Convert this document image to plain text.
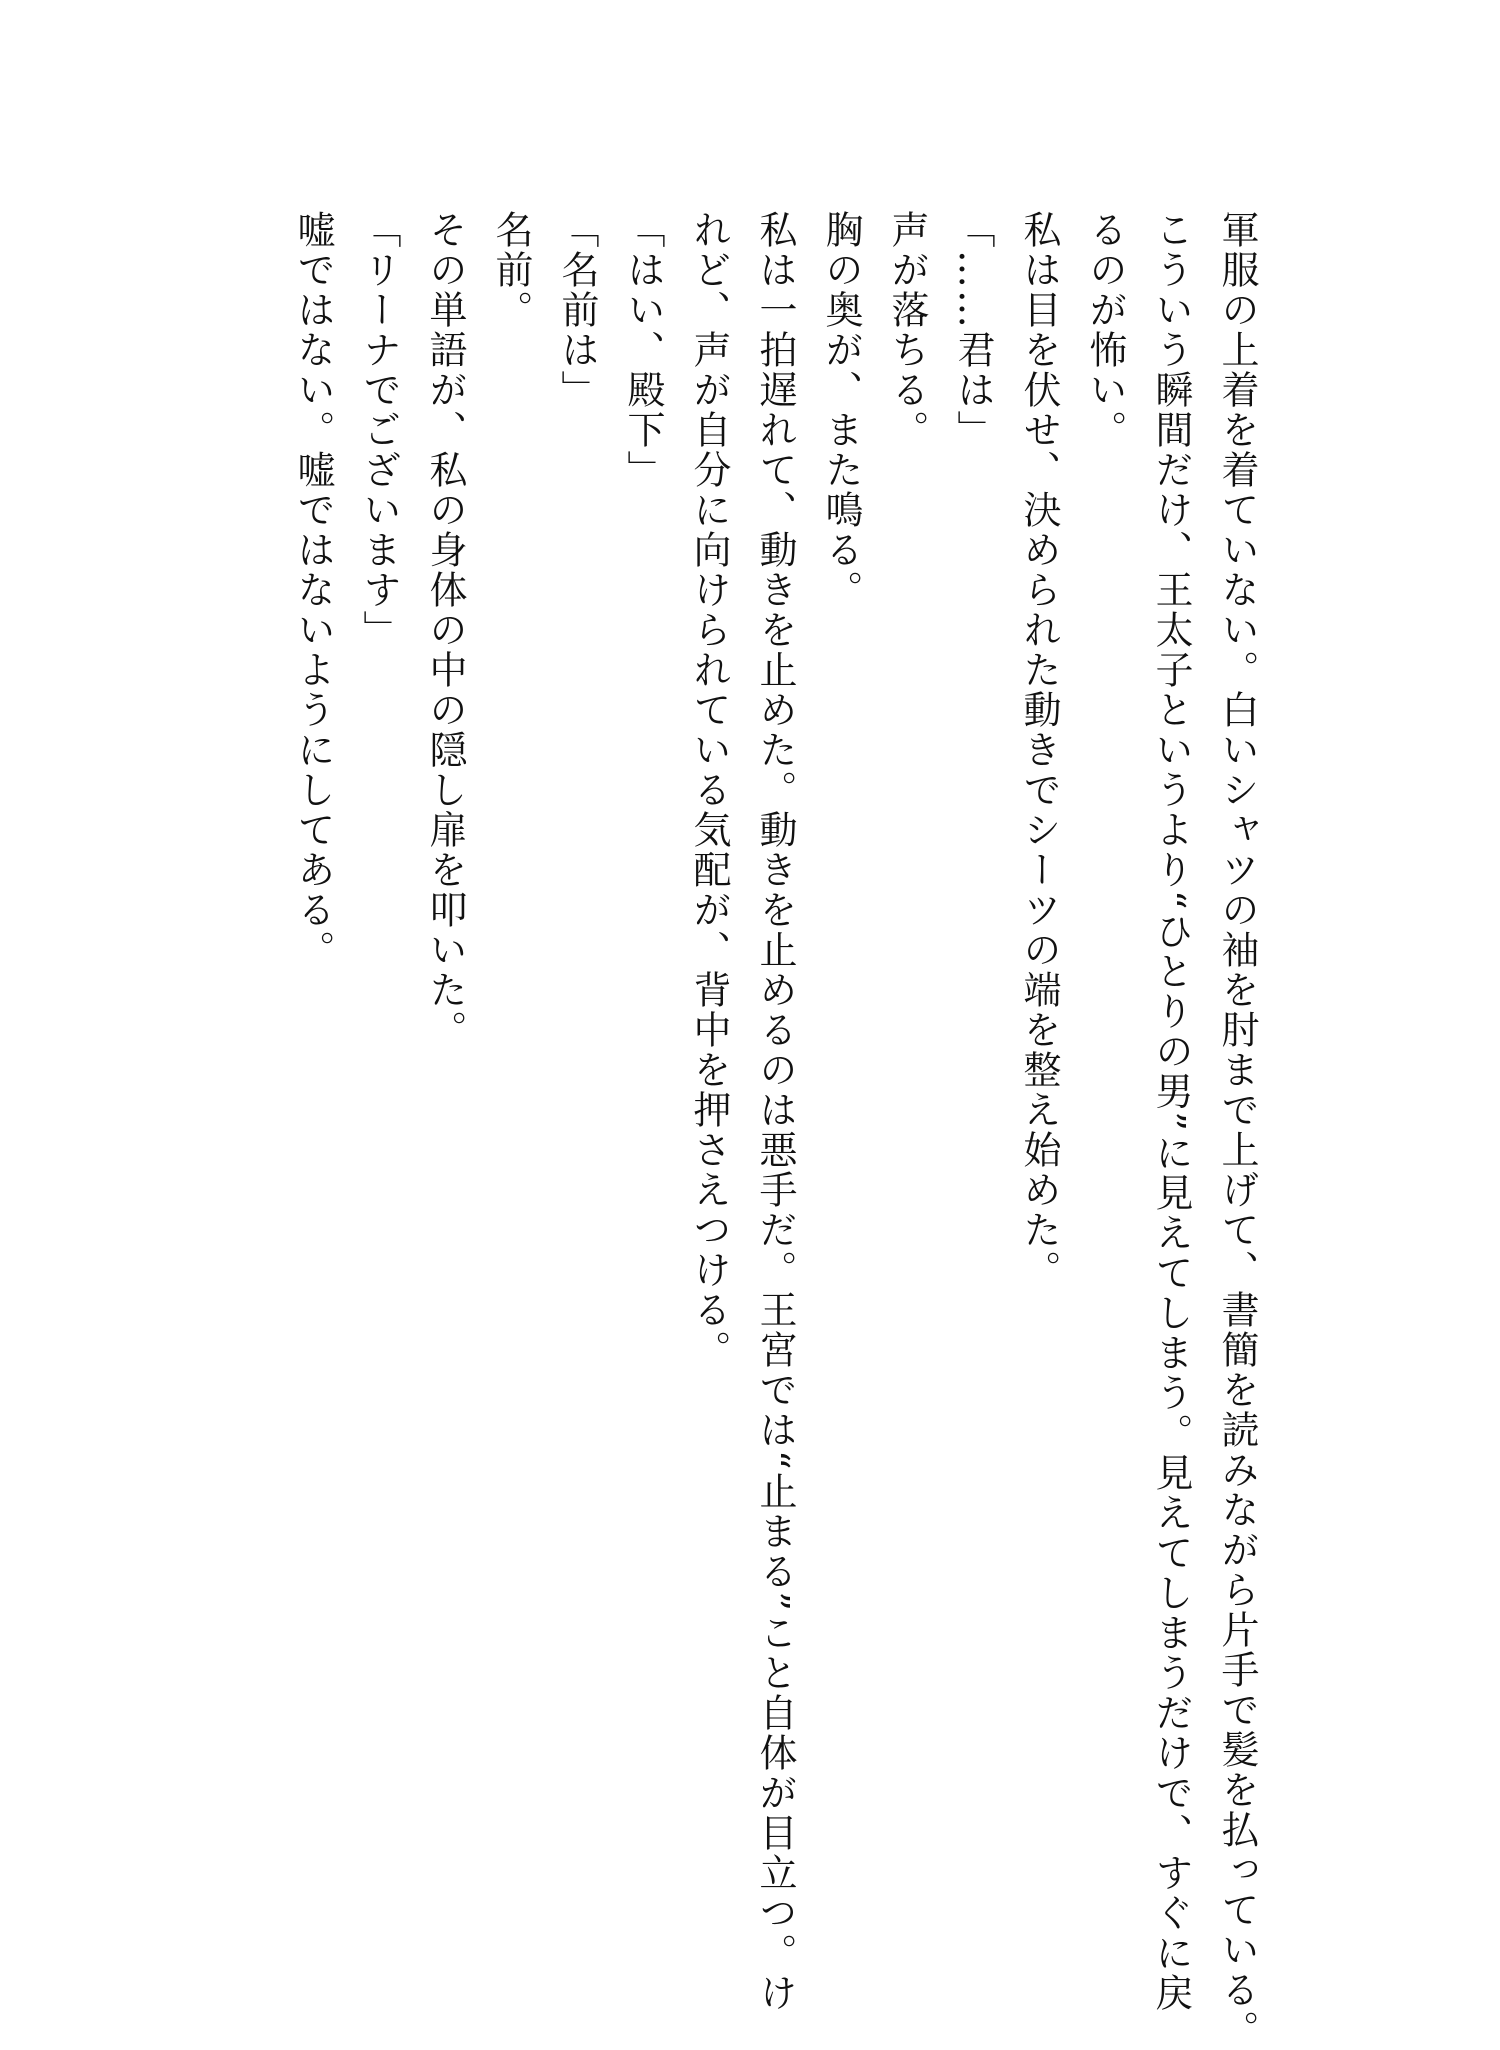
軍服の上着を着ていない。白いシャツの袖を肘まで上げて、書簡を読みながら片手で髪を払っている。
こういう瞬間だけ、王太子というより“ひとりの男”に見えてしまう。見えてしまうだけで、すぐに戻
るのが怖い。
私は目を伏せ、決められた動きでシーツの端を整え始めた。
「……君は」
声が落ちる。
胸の奥が、また鳴る。
私は一拍遅れて、動きを止めた。動きを止めるのは悪手だ。王宮では“止まる”こと自体が目立つ。け
れど、声が自分に向けられている気配が、背中を押さえつける。
「はい、殿下」
「名前は」
名前。
その単語が、私の身体の中の隠し扉を叩いた。
「リーナでございます」
嘘ではない。嘘ではないようにしてある。
